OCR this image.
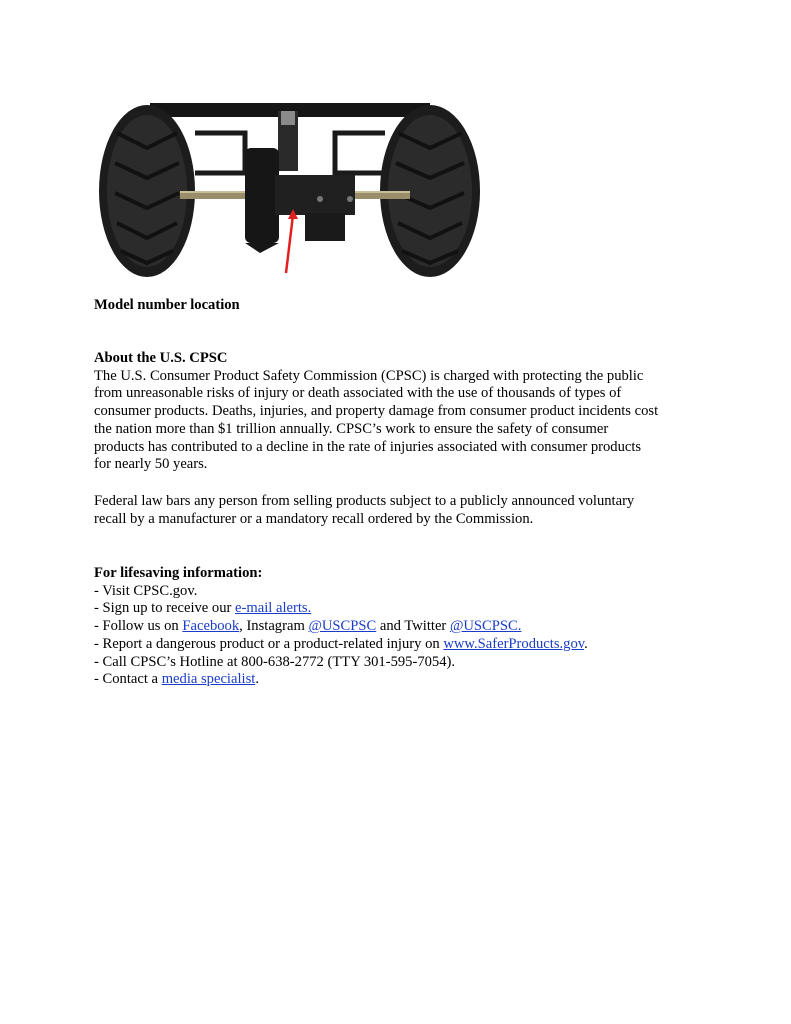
Model number location

About the U.S. CPSC

The U.S. Consumer Product Safety Commission (CPSC) is charged with protecting the public

from unreasonable risks of injury or death associated with the use of thousands of types of

consumer products. Deaths, injuries, and property damage from consumer product incidents cost

the nation more than $1 trillion annually. CPSC’s work to ensure the safety of consumer

products has contributed to a decline in the rate of injuries associated with consumer products

for nearly 50 years.

Federal law bars any person from selling products subject to a publicly announced voluntary

recall by a manufacturer or a mandatory recall ordered by the Commission.

For lifesaving information:

- Visit CPSC.gov.

- Sign up to receive our e-mail alerts.

- Follow us on Facebook, Instagram @USCPSC and Twitter @USCPSC.

- Report a dangerous product or a product-related injury on www.SaferProducts.gov.

- Call CPSC’s Hotline at 800-638-2772 (TTY 301-595-7054).

- Contact a media specialist.
